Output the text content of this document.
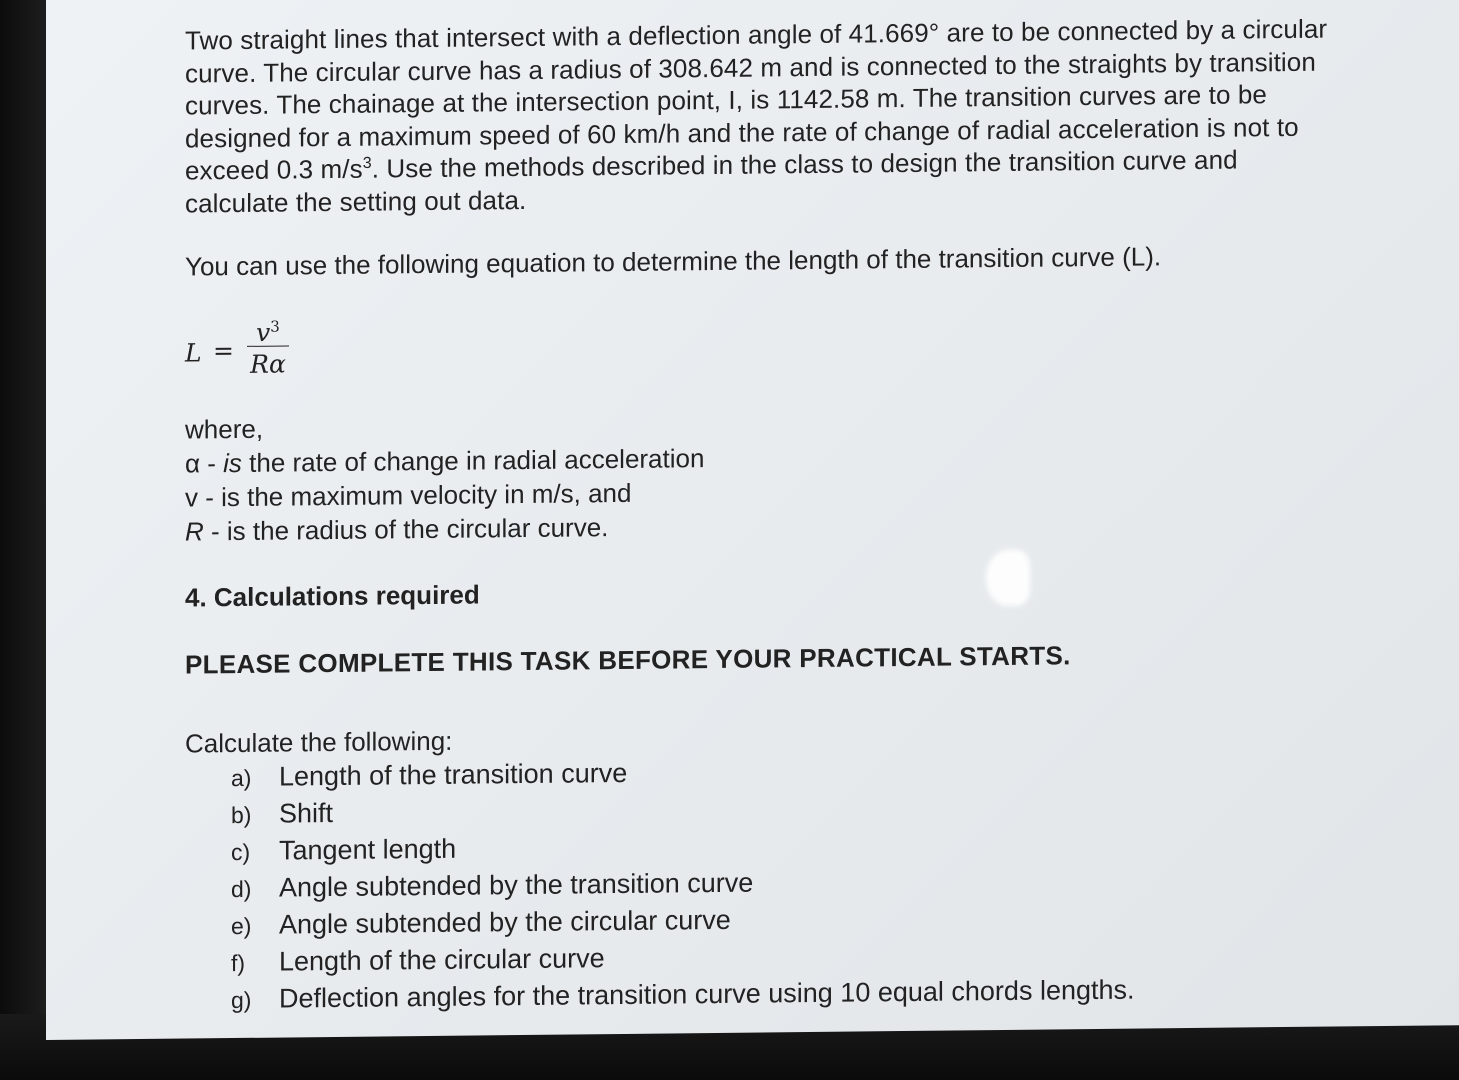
Two straight lines that intersect with a deflection angle of 41.669° are to be connected by a circular
curve. The circular curve has a radius of 308.642 m and is connected to the straights by transition
curves. The chainage at the intersection point, I, is 1142.58 m. The transition curves are to be
designed for a maximum speed of 60 km/h and the rate of change of radial acceleration is not to
exceed 0.3 $m/s^3$. Use the methods described in the class to design the transition curve and
calculate the setting out data.

You can use the following equation to determine the length of the transition curve (L).

L =
$v^3$
Rα

where,

α - is the rate of change in radial acceleration

v - is the maximum velocity in m/s, and

R - is the radius of the circular curve.

4. Calculations required
PLEASE COMPLETE THIS TASK BEFORE YOUR PRACTICAL STARTS.
Calculate the following:
a) Length of the transition curve
b) Shift
c) Tangent length
d) Angle subtended by the transition curve
e) Angle subtended by the circular curve
f) Length of the circular curve
g) Deflection angles for the transition curve using 10 equal chords lengths.
